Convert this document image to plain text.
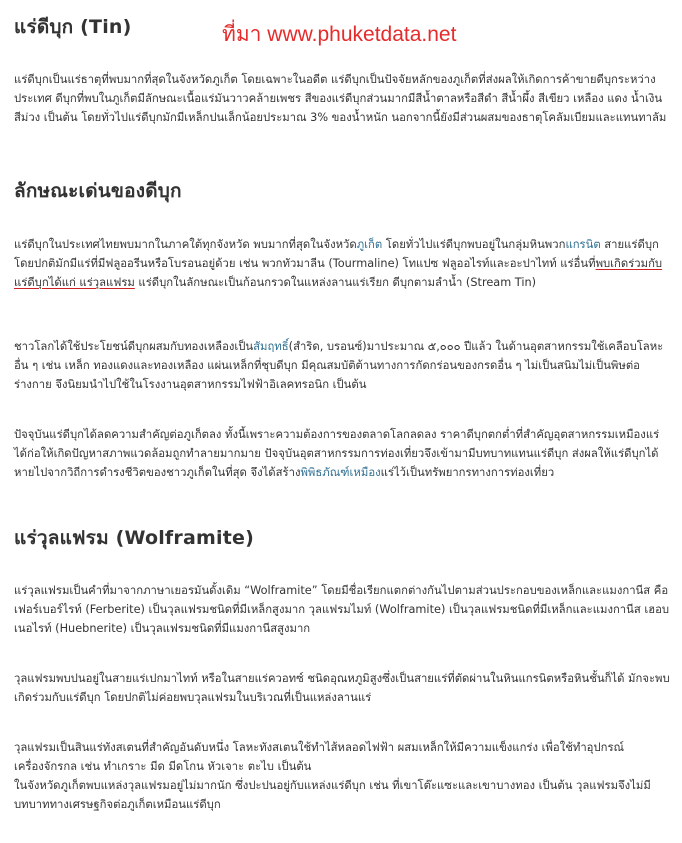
แร่ดีบุก (Tin)	ที่มา www.phuketdata.net

แร่ดีบุกเป็นแร่ธาตุที่พบมากที่สุดในจังหวัดภูเก็ต โดยเฉพาะในอดีต แร่ดีบุกเป็นปัจจัยหลักของภูเก็ตที่ส่งผลให้เกิดการค้าขายดีบุกระหว่างประเทศ ดีบุกที่พบในภูเก็ตมีลักษณะเนื้อแร่มันวาวคล้ายเพชร สีของแร่ดีบุกส่วนมากมีสีน้ำตาลหรือสีดำ สีน้ำผึ้ง สีเขียว เหลือง แดง น้ำเงิน สีม่วง เป็นต้น โดยทั่วไปแร่ดีบุกมักมีเหล็กปนเล็กน้อยประมาณ 3% ของน้ำหนัก นอกจากนี้ยังมีส่วนผสมของธาตุโคลัมเบียมและแทนทาลัม

ลักษณะเด่นของดีบุก

แร่ดีบุกในประเทศไทยพบมากในภาคใต้ทุกจังหวัด พบมากที่สุดในจังหวัดภูเก็ต โดยทั่วไปแร่ดีบุกพบอยู่ในกลุ่มหินพวกแกรนิต สายแร่ดีบุกโดยปกติมักมีแร่ที่มีฟลูออรีนหรือโบรอนอยู่ด้วย เช่น พวกทัวมาลีน (Tourmaline) โทแปซ ฟลูออไรท์และอะปาไทท์ แร่อื่นที่พบเกิดร่วมกับแร่ดีบุกได้แก่ แร่วุลแฟรม แร่ดีบุกในลักษณะเป็นก้อนกรวดในแหล่งลานแร่เรียก ดีบุกตามลำน้ำ (Stream Tin)

ชาวโลกได้ใช้ประโยชน์ดีบุกผสมกับทองเหลืองเป็นสัมฤทธิ์(สำริด, บรอนซ์)มาประมาณ ๕,๐๐๐ ปีแล้ว ในด้านอุตสาหกรรมใช้เคลือบโลหะอื่น ๆ เช่น เหล็ก ทองแดงและทองเหลือง แผ่นเหล็กที่ชุบดีบุก มีคุณสมบัติต้านทางการกัดกร่อนของกรดอื่น ๆ ไม่เป็นสนิมไม่เป็นพิษต่อร่างกาย จึงนิยมนำไปใช้ในโรงงานอุตสาหกรรมไฟฟ้าอิเลคทรอนิก เป็นต้น

ปัจจุบันแร่ดีบุกได้ลดความสำคัญต่อภูเก็ตลง ทั้งนี้เพราะความต้องการของตลาดโลกลดลง ราคาดีบุกตกต่ำที่สำคัญอุตสาหกรรมเหมืองแร่ได้ก่อให้เกิดปัญหาสภาพแวดล้อมถูกทำลายมากมาย ปัจจุบันอุตสาหกรรมการท่องเที่ยวจึงเข้ามามีบทบาทแทนแร่ดีบุก ส่งผลให้แร่ดีบุกได้หายไปจากวิถีการดำรงชีวิตของชาวภูเก็ตในที่สุด จึงได้สร้างพิพิธภัณฑ์เหมืองแร่ไว้เป็นทรัพยากรทางการท่องเที่ยว

แร่วุลแฟรม (Wolframite)

แร่วุลแฟรมเป็นคำที่มาจากภาษาเยอรมันดั้งเดิม “Wolframite” โดยมีชื่อเรียกแตกต่างกันไปตามส่วนประกอบของเหล็กและแมงกานีส คือ เฟอร์เบอร์ไรท์ (Ferberite) เป็นวุลแฟรมชนิดที่มีเหล็กสูงมาก วุลแฟรมไมท์ (Wolframite) เป็นวุลแฟรมชนิดที่มีเหล็กและแมงกานีส เฮอบเนอไรท์ (Huebnerite) เป็นวุลแฟรมชนิดที่มีแมงกานีสสูงมาก

วุลแฟรมพบปนอยู่ในสายแร่เปกมาไทท์ หรือในสายแร่ควอทซ์ ชนิดอุณหภูมิสูงซึ่งเป็นสายแร่ที่ตัดผ่านในหินแกรนิตหรือหินชั้นก็ได้ มักจะพบเกิดร่วมกับแร่ดีบุก โดยปกติไม่ค่อยพบวุลแฟรมในบริเวณที่เป็นแหล่งลานแร่

วุลแฟรมเป็นสินแร่ทังสเตนที่สำคัญอันดับหนึ่ง โลหะทังสเตนใช้ทำไส้หลอดไฟฟ้า ผสมเหล็กให้มีความแข็งแกร่ง เพื่อใช้ทำอุปกรณ์เครื่องจักรกล เช่น ทำเกราะ มีด มีดโกน หัวเจาะ ตะไบ เป็นต้น
ในจังหวัดภูเก็ตพบแหล่งวุลแฟรมอยู่ไม่มากนัก ซึ่งปะปนอยู่กับแหล่งแร่ดีบุก เช่น ที่เขาโต๊ะแซะและเขาบางทอง เป็นต้น วุลแฟรมจึงไม่มีบทบาททางเศรษฐกิจต่อภูเก็ตเหมือนแร่ดีบุก
